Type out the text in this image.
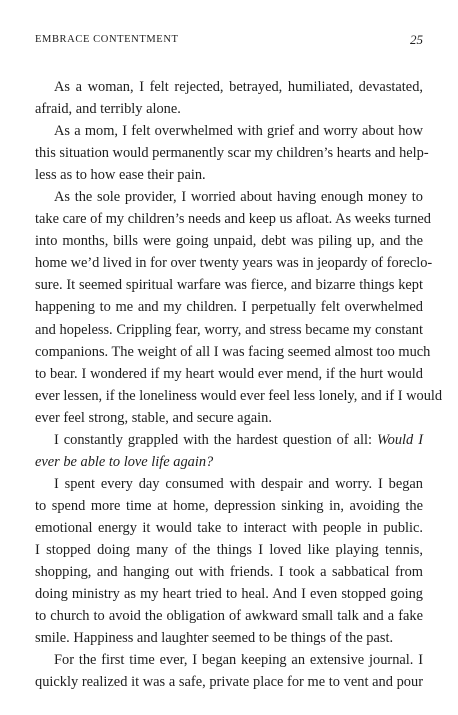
EMBRACE CONTENTMENT	25
As a woman, I felt rejected, betrayed, humiliated, devastated,
afraid, and terribly alone.
As a mom, I felt overwhelmed with grief and worry about how
this situation would permanently scar my children’s hearts and help-
less as to how ease their pain.
As the sole provider, I worried about having enough money to
take care of my children’s needs and keep us afloat. As weeks turned
into months, bills were going unpaid, debt was piling up, and the
home we’d lived in for over twenty years was in jeopardy of foreclo-
sure. It seemed spiritual warfare was fierce, and bizarre things kept
happening to me and my children. I perpetually felt overwhelmed
and hopeless. Crippling fear, worry, and stress became my constant
companions. The weight of all I was facing seemed almost too much
to bear. I wondered if my heart would ever mend, if the hurt would
ever lessen, if the loneliness would ever feel less lonely, and if I would
ever feel strong, stable, and secure again.
I constantly grappled with the hardest question of all: Would I
ever be able to love life again?
I spent every day consumed with despair and worry. I began
to spend more time at home, depression sinking in, avoiding the
emotional energy it would take to interact with people in public.
I stopped doing many of the things I loved like playing tennis,
shopping, and hanging out with friends. I took a sabbatical from
doing ministry as my heart tried to heal. And I even stopped going
to church to avoid the obligation of awkward small talk and a fake
smile. Happiness and laughter seemed to be things of the past.
For the first time ever, I began keeping an extensive journal. I
quickly realized it was a safe, private place for me to vent and pour
